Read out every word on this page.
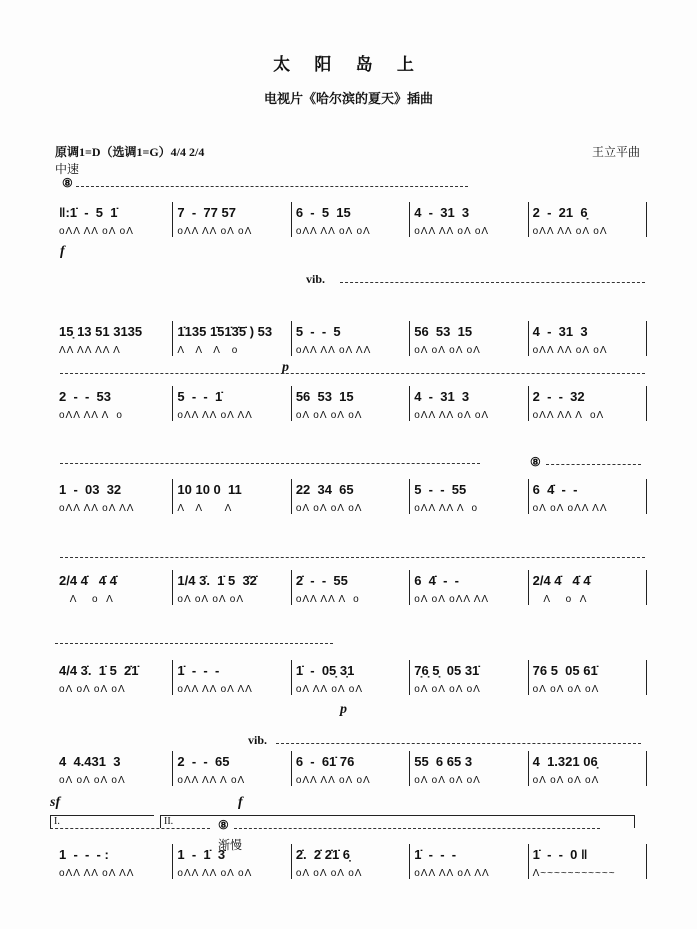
太 阳 岛 上
电视片《哈尔滨的夏天》插曲
原调1=D（选调1=G）4/4 2/4	王立平曲
中速
⑧
f
vib.
p
⑧
p
vib.
sf	f
I.	II.	⑧
渐慢
‖:1̇  -  5  1̇
oΛΛ ΛΛ oΛ oΛ
7  -  77 57
oΛΛ ΛΛ oΛ oΛ
6  -  5  15
oΛΛ ΛΛ oΛ oΛ
4  -  31  3
oΛΛ ΛΛ oΛ oΛ
2  -  21  6̣
oΛΛ ΛΛ oΛ oΛ
15̣ 13 51 3135
ΛΛ ΛΛ ΛΛ Λ
1̇135 1̇51̇3̇5̇ ) 53
Λ   Λ   Λ   o
5  -  -  5
oΛΛ ΛΛ oΛ ΛΛ
56  53  15
oΛ oΛ oΛ oΛ
4  -  31  3
oΛΛ ΛΛ oΛ oΛ
2  -  -  53
oΛΛ ΛΛ Λ  o
5  -  -  1̇
oΛΛ ΛΛ oΛ ΛΛ
56  53  15
oΛ oΛ oΛ oΛ
4  -  31  3
oΛΛ ΛΛ oΛ oΛ
2  -  -  32
oΛΛ ΛΛ Λ  oΛ
1  -  03  32
oΛΛ ΛΛ oΛ ΛΛ
10 10 0  11
Λ   Λ      Λ
22  34  65
oΛ oΛ oΛ oΛ
5  -  -  55
oΛΛ ΛΛ Λ  o
6  4̇  -  -
oΛ oΛ oΛΛ ΛΛ
2/4 4̇   4̇ 4̇
Λ    o  Λ
1/4 3̇.  1̇ 5  3̇2̇
oΛ oΛ oΛ oΛ
2̇  -  -  55
oΛΛ ΛΛ Λ  o
6  4̇  -  -
oΛ oΛ oΛΛ ΛΛ
2/4 4̇   4̇ 4̇
Λ    o  Λ
4/4 3̇.  1̇ 5  2̇1̇
oΛ oΛ oΛ oΛ
1̇  -  -  -
oΛΛ ΛΛ oΛ ΛΛ
1̇  -  05̣ 3̣1
oΛ ΛΛ oΛ oΛ
7̣6̣ 5̣  05 31̇
oΛ oΛ oΛ oΛ
76 5  05 61̇
oΛ oΛ oΛ oΛ
4  4.431  3
oΛ oΛ oΛ oΛ
2  -  -  65
oΛΛ ΛΛ Λ oΛ
6  -  61̇ 76
oΛΛ ΛΛ oΛ oΛ
55  6 65 3
oΛ oΛ oΛ oΛ
4  1.321 06̣
oΛ oΛ oΛ oΛ
1  -  -  - :
oΛΛ ΛΛ oΛ ΛΛ
1  -  1̇  3̇
oΛΛ ΛΛ oΛ oΛ
2̇.  2̇ 2̇1̇ 6̣
oΛ oΛ oΛ oΛ
1̇  -  -  -
oΛΛ ΛΛ oΛ ΛΛ
1̇  -  -  0 ‖
Λ~~~~~~~~~~~
